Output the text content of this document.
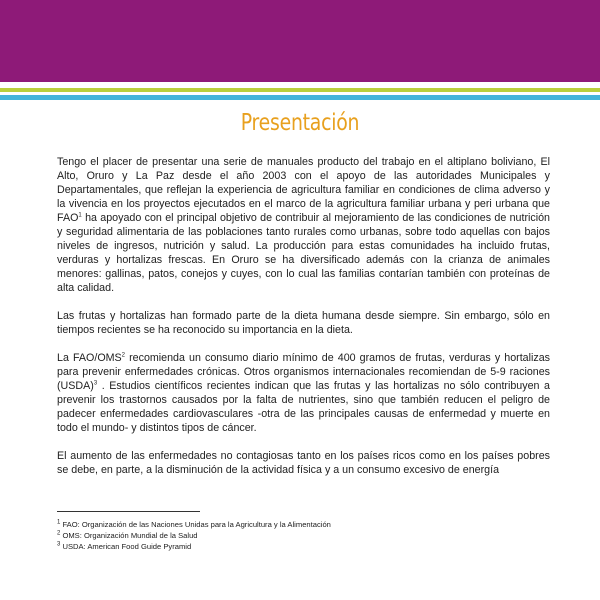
Presentación

Tengo el placer de presentar una serie de manuales producto del trabajo en el altiplano boliviano, El Alto, Oruro y La Paz desde el año 2003 con el apoyo de las autoridades Municipales y Departamentales, que reflejan la experiencia de agricultura familiar en condiciones de clima adverso y la vivencia en los proyectos ejecutados en el marco de la agricultura familiar urbana y peri urbana que FAO$^1$ ha apoyado con el principal objetivo de contribuir al mejoramiento de las condiciones de nutrición y seguridad alimentaria de las poblaciones tanto rurales como urbanas, sobre todo aquellas con bajos niveles de ingresos, nutrición y salud. La producción para estas comunidades ha incluido frutas, verduras y hortalizas frescas. En Oruro se ha diversificado además con la crianza de animales menores: gallinas, patos, conejos y cuyes, con lo cual las familias contarían también con proteínas de alta calidad.

Las frutas y hortalizas han formado parte de la dieta humana desde siempre. Sin embargo, sólo en tiempos recientes se ha reconocido su importancia en la dieta.

La FAO/OMS$^2$ recomienda un consumo diario mínimo de 400 gramos de frutas, verduras y hortalizas para prevenir enfermedades crónicas. Otros organismos internacionales recomiendan de 5-9 raciones (USDA)$^3$ . Estudios científicos recientes indican que las frutas y las hortalizas no sólo contribuyen a prevenir los trastornos causados por la falta de nutrientes, sino que también reducen el peligro de padecer enfermedades cardiovasculares -otra de las principales causas de enfermedad y muerte en todo el mundo- y distintos tipos de cáncer.

El aumento de las enfermedades no contagiosas tanto en los países ricos como en los países pobres se debe, en parte, a la disminución de la actividad física y a un consumo excesivo de energía

$^1$ FAO: Organización de las Naciones Unidas para la Agricultura y la Alimentación
$^2$ OMS: Organización Mundial de la Salud
$^3$ USDA: American Food Guide Pyramid
